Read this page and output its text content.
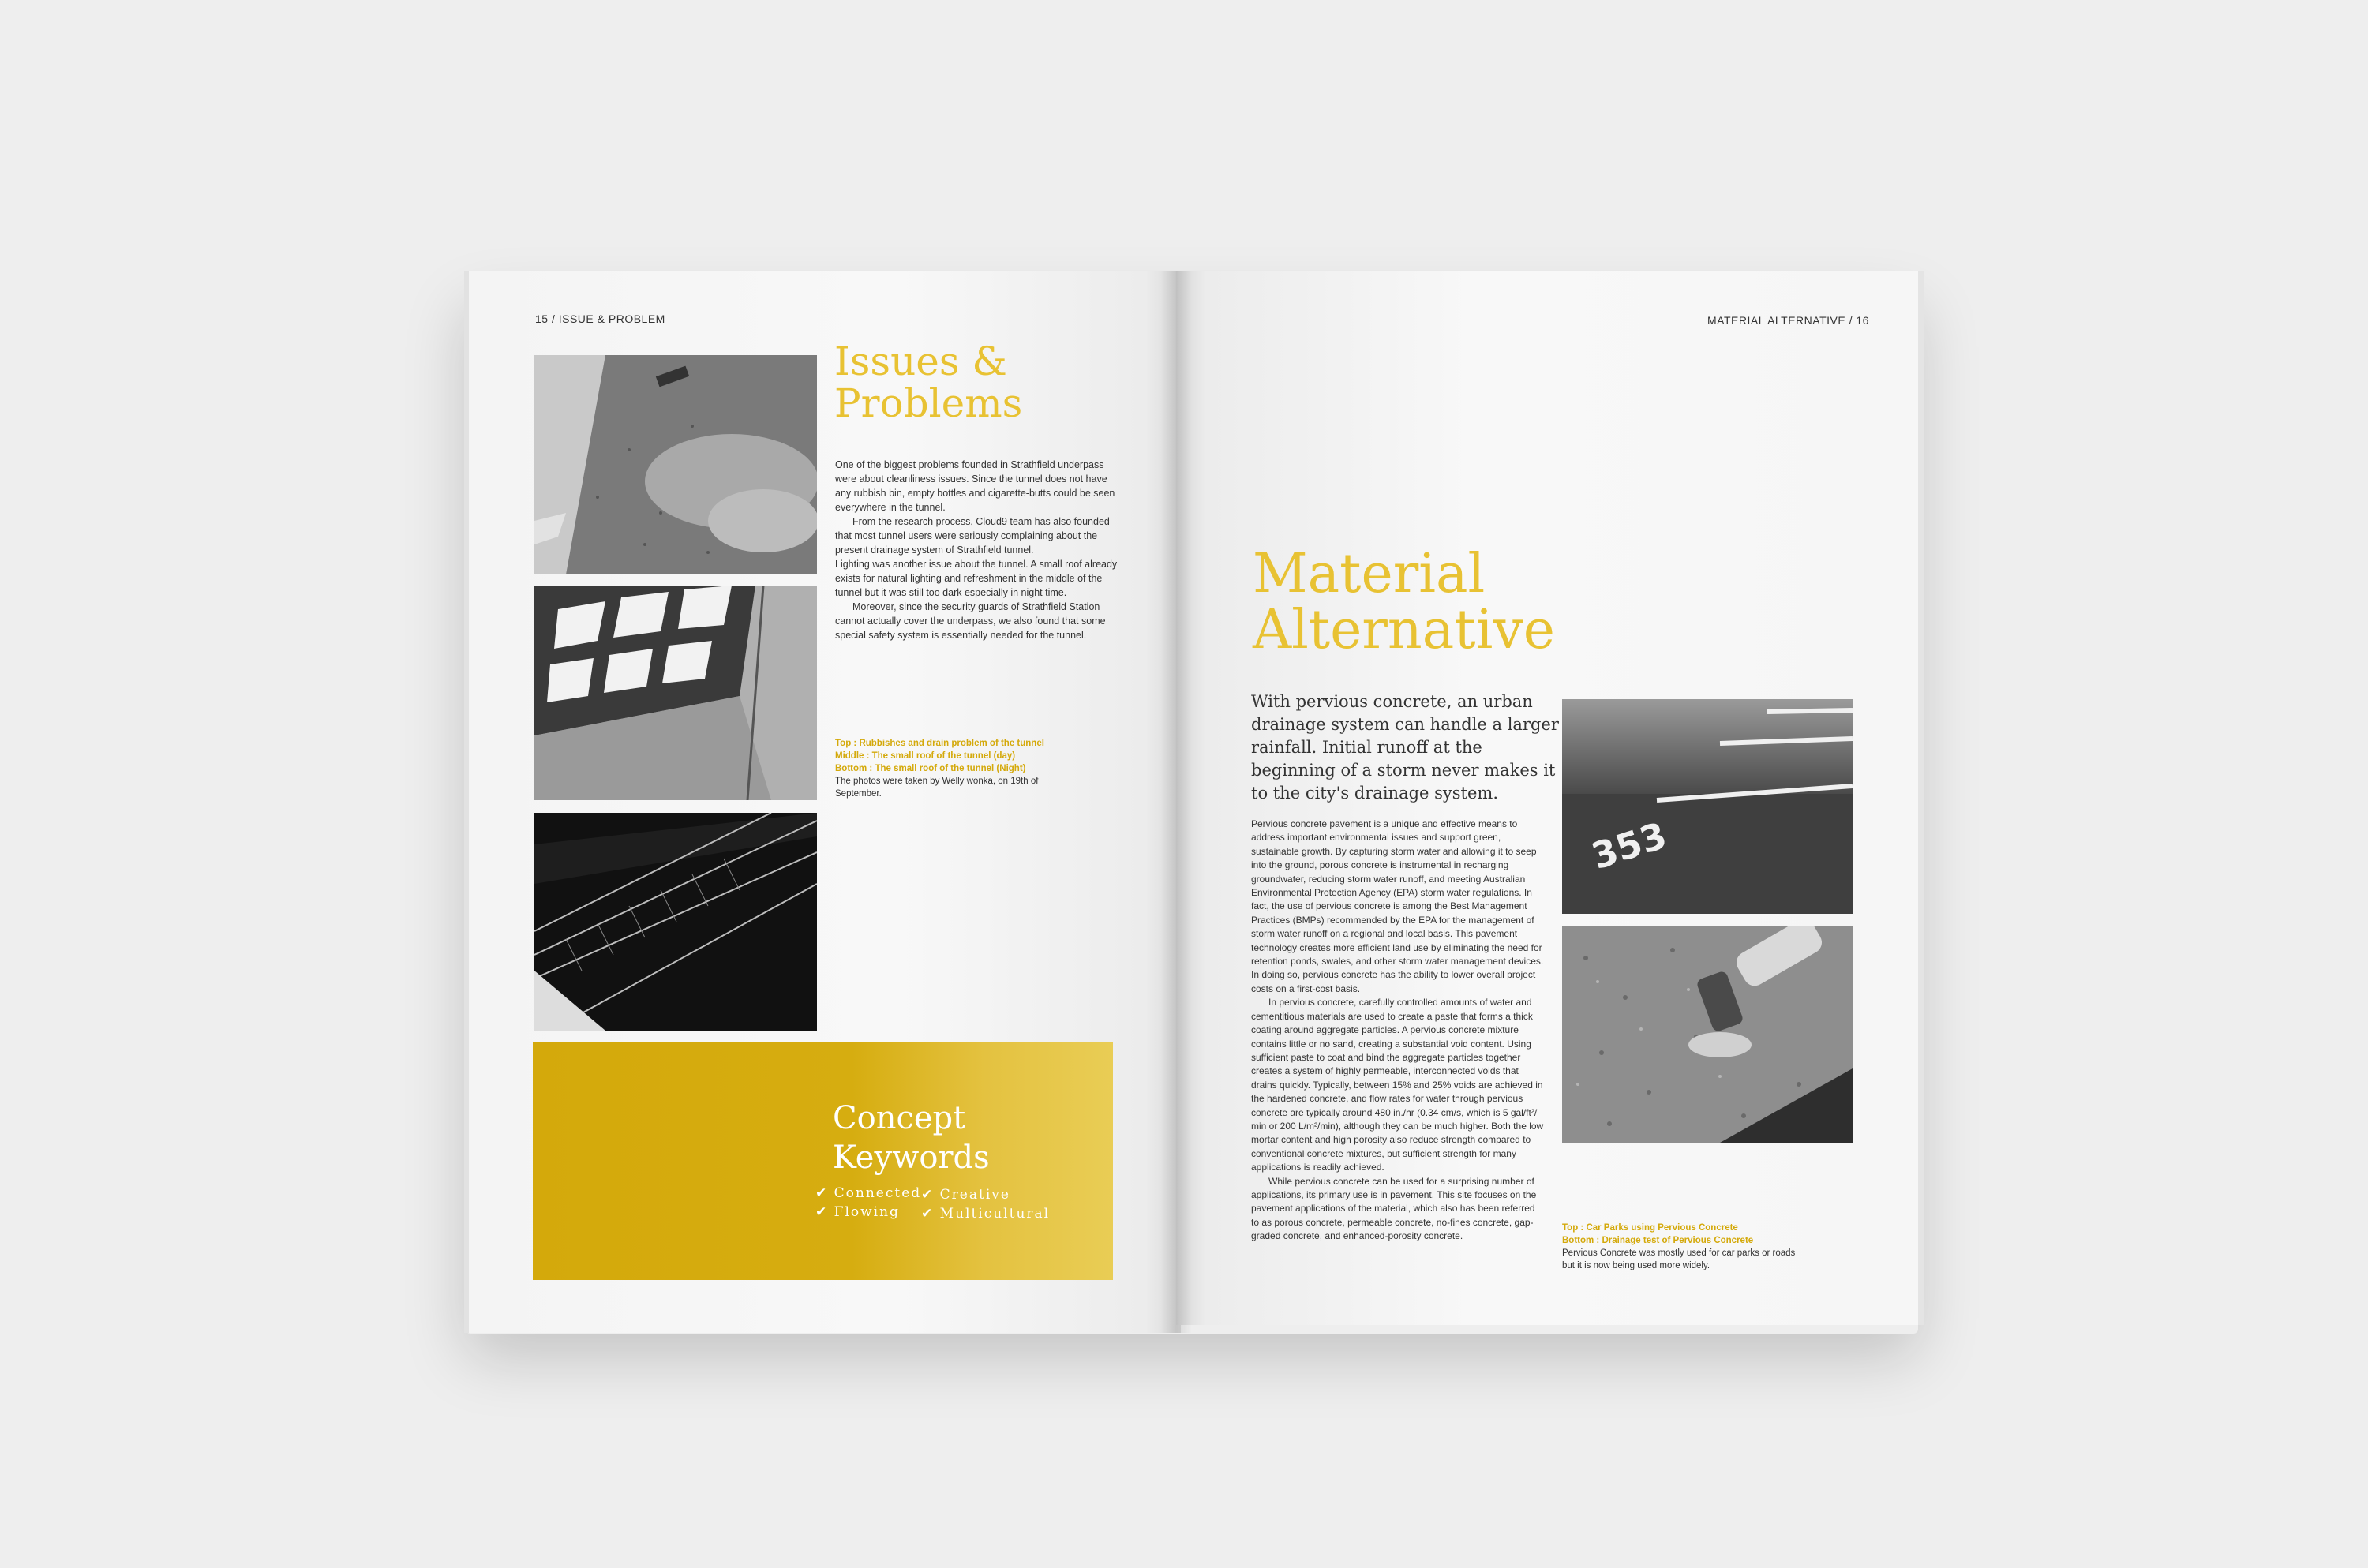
15 / ISSUE & PROBLEM
Issues &
Problems

One of the biggest problems founded in Strathfield underpass were about cleanliness issues. Since the tunnel does not have any rubbish bin, empty bottles and cigarette-butts could be seen everywhere in the tunnel.

From the research process, Cloud9 team has also founded that most tunnel users were seriously complaining about the present drainage system of Strathfield tunnel.

Lighting was another issue about the tunnel. A small roof already exists for natural lighting and refreshment in the middle of the tunnel but it was still too dark especially in night time.

Moreover, since the security guards of Strathfield Station cannot actually cover the underpass, we also found that some special safety system is essentially needed for the tunnel.

Top : Rubbishes and drain problem of the tunnel
Middle : The small roof of the tunnel (day)
Bottom : The small roof of the tunnel (Night)
The photos were taken by Welly wonka, on 19th of September.
Concept
Keywords
✔ Connected ✔ Creative
✔ Flowing ✔ Multicultural
MATERIAL ALTERNATIVE / 16
Material
Alternative
With pervious concrete, an urban drainage system can handle a larger rainfall. Initial runoff at the beginning of a storm never makes it to the city's drainage system.

Pervious concrete pavement is a unique and effective means to address important environmental issues and support green, sustainable growth. By capturing storm water and allowing it to seep into the ground, porous concrete is instrumental in recharging groundwater, reducing storm water runoff, and meeting Australian Environmental Protection Agency (EPA) storm water regulations. In fact, the use of pervious concrete is among the Best Management Practices (BMPs) recommended by the EPA for the management of storm water runoff on a regional and local basis. This pavement technology creates more efficient land use by eliminating the need for retention ponds, swales, and other storm water management devices. In doing so, pervious concrete has the ability to lower overall project costs on a first-cost basis.

In pervious concrete, carefully controlled amounts of water and cementitious materials are used to create a paste that forms a thick coating around aggregate particles. A pervious concrete mixture contains little or no sand, creating a substantial void content. Using sufficient paste to coat and bind the aggregate particles together creates a system of highly permeable, interconnected voids that drains quickly. Typically, between 15% and 25% voids are achieved in the hardened concrete, and flow rates for water through pervious concrete are typically around 480 in./hr (0.34 cm/s, which is 5 gal/ft²/ min or 200 L/m²/min), although they can be much higher. Both the low mortar content and high porosity also reduce strength compared to conventional concrete mixtures, but sufficient strength for many applications is readily achieved.

While pervious concrete can be used for a surprising number of applications, its primary use is in pavement. This site focuses on the pavement applications of the material, which also has been referred to as porous concrete, permeable concrete, no-fines concrete, gap-graded concrete, and enhanced-porosity concrete.

353
Top : Car Parks using Pervious Concrete
Bottom : Drainage test of Pervious Concrete
Pervious Concrete was mostly used for car parks or roads but it is now being used more widely.
